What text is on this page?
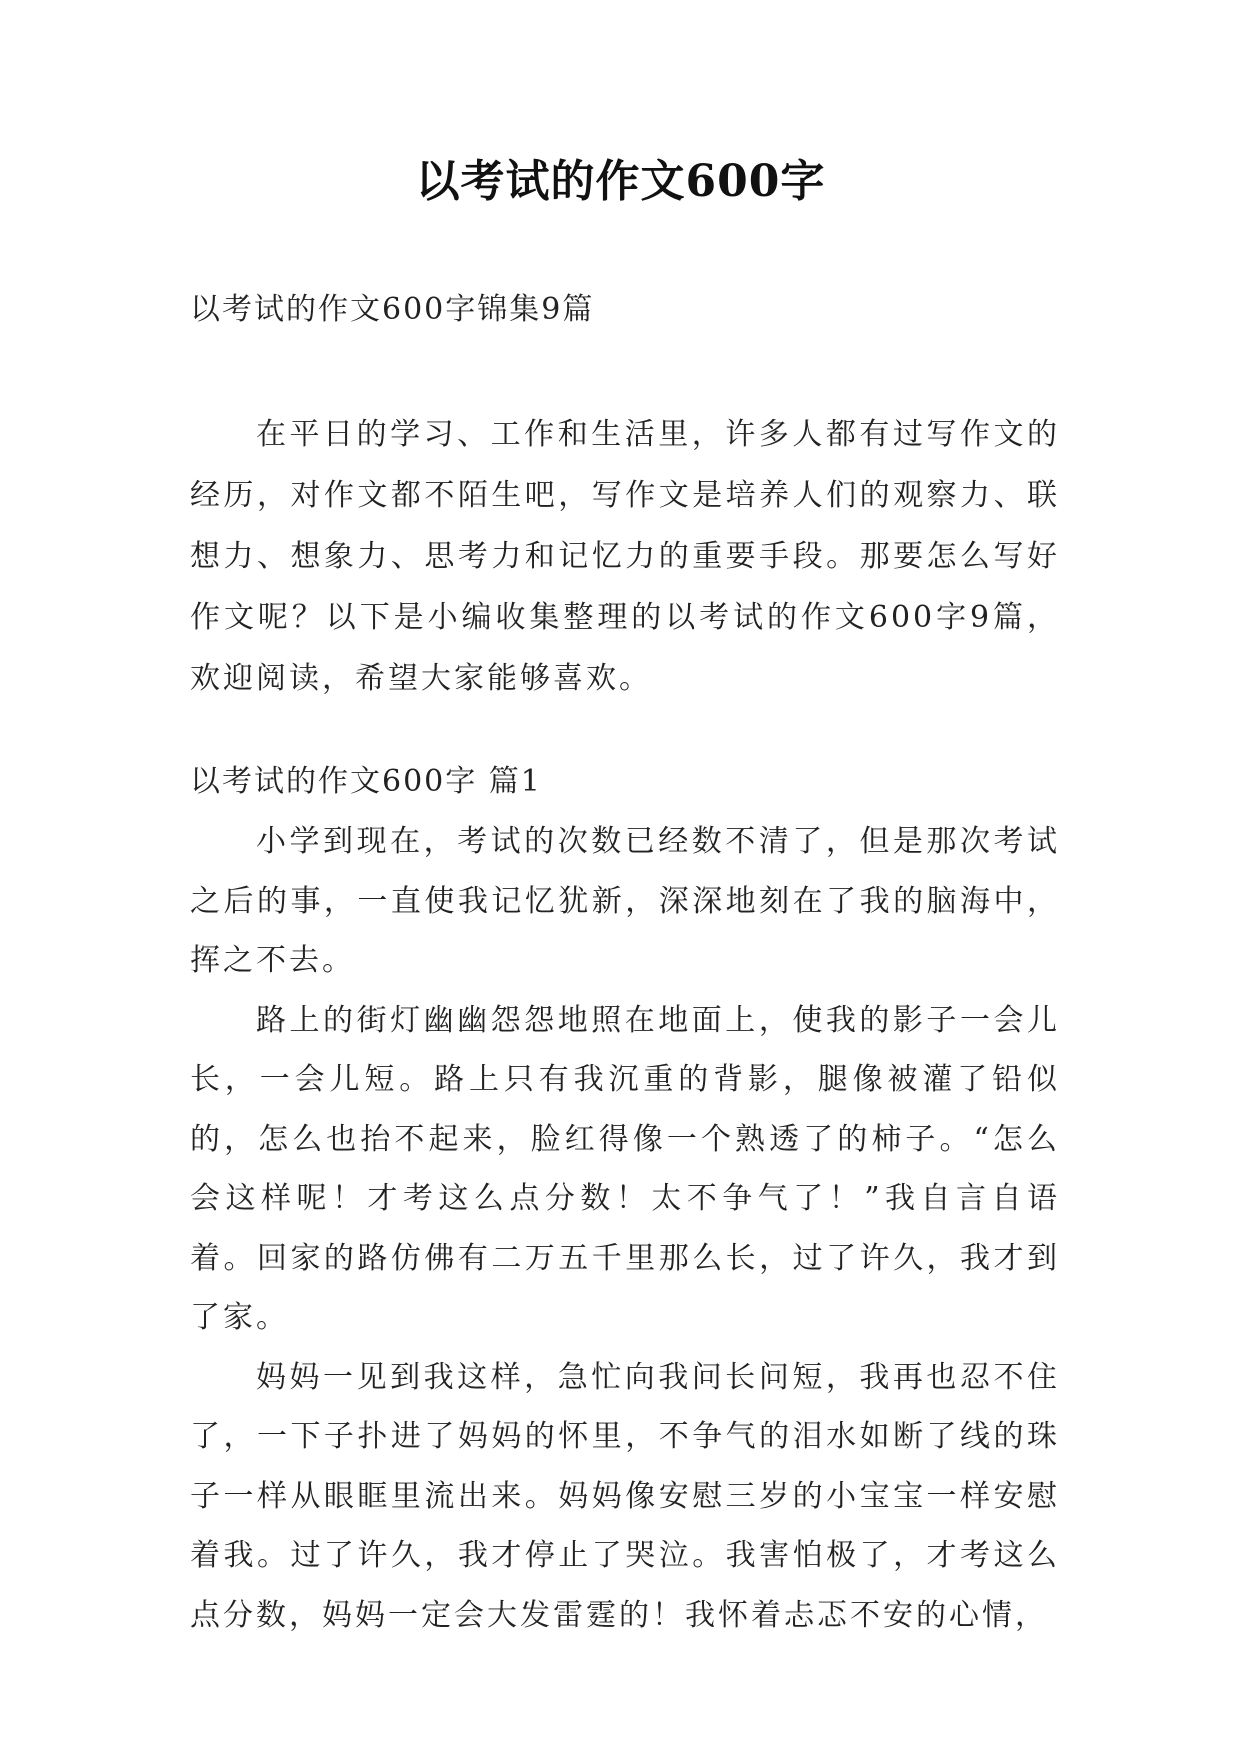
以考试的作文600字

以考试的作文600字锦集9篇

在平日的学习、工作和生活里，许多人都有过写作文的经历，对作文都不陌生吧，写作文是培养人们的观察力、联想力、想象力、思考力和记忆力的重要手段。那要怎么写好作文呢？以下是小编收集整理的以考试的作文600字9篇，欢迎阅读，希望大家能够喜欢。

以考试的作文600字 篇1

小学到现在，考试的次数已经数不清了，但是那次考试之后的事，一直使我记忆犹新，深深地刻在了我的脑海中，挥之不去。

路上的街灯幽幽怨怨地照在地面上，使我的影子一会儿长，一会儿短。路上只有我沉重的背影，腿像被灌了铅似的，怎么也抬不起来，脸红得像一个熟透了的柿子。“怎么会这样呢！才考这么点分数！太不争气了！”我自言自语着。回家的路仿佛有二万五千里那么长，过了许久，我才到了家。

妈妈一见到我这样，急忙向我问长问短，我再也忍不住了，一下子扑进了妈妈的怀里，不争气的泪水如断了线的珠子一样从眼眶里流出来。妈妈像安慰三岁的小宝宝一样安慰着我。过了许久，我才停止了哭泣。我害怕极了，才考这么点分数，妈妈一定会大发雷霆的！我怀着忐忑不安的心情，
